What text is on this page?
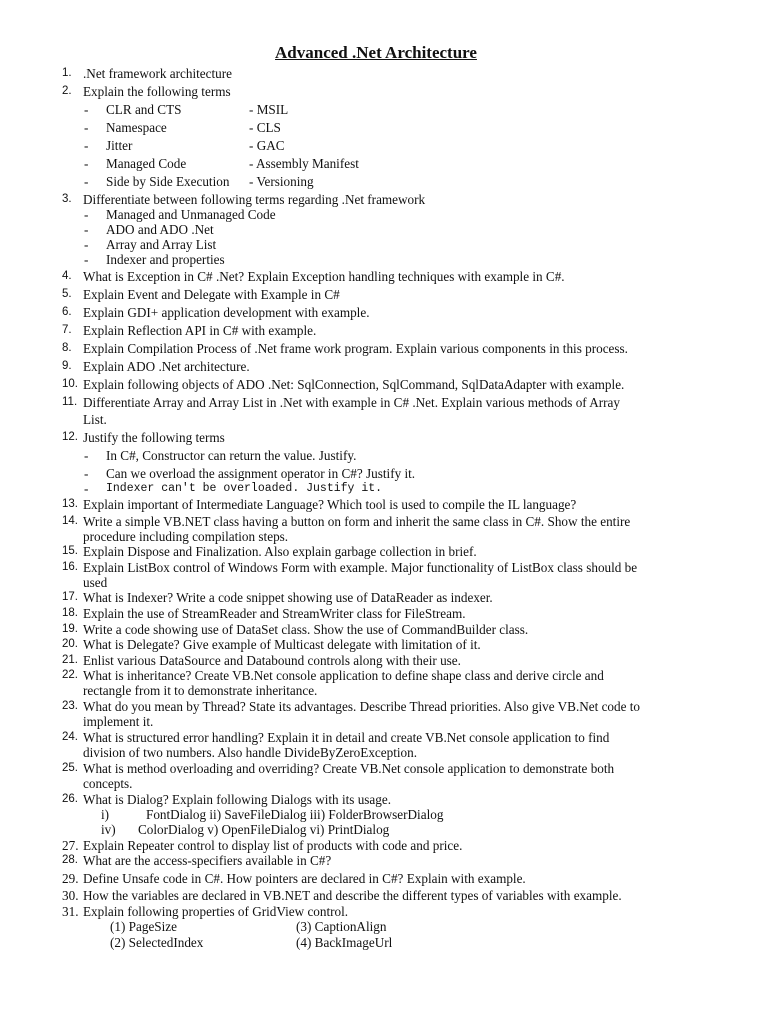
Advanced .Net Architecture
1. .Net framework architecture
2. Explain the following terms
- CLR and CTS	- MSIL
- Namespace	- CLS
- Jitter	- GAC
- Managed Code	- Assembly Manifest
- Side by Side Execution - Versioning
3. Differentiate between following terms regarding .Net framework
- Managed and Unmanaged Code
- ADO and ADO .Net
- Array and Array List
- Indexer and properties
4. What is Exception in C# .Net? Explain Exception handling techniques with example in C#.
5. Explain Event and Delegate with Example in C#
6. Explain GDI+ application development with example.
7. Explain Reflection API in C# with example.
8. Explain Compilation Process of .Net frame work program. Explain various components in this process.
9. Explain ADO .Net architecture.
10. Explain following objects of ADO .Net: SqlConnection, SqlCommand, SqlDataAdapter with example.
11. Differentiate Array and Array List in .Net with example in C# .Net. Explain various methods of Array
List.
12. Justify the following terms
- In C#, Constructor can return the value. Justify.
- Can we overload the assignment operator in C#? Justify it.
- Indexer can't be overloaded. Justify it.
13. Explain important of Intermediate Language? Which tool is used to compile the IL language?
14. Write a simple VB.NET class having a button on form and inherit the same class in C#. Show the entire
procedure including compilation steps.
15. Explain Dispose and Finalization. Also explain garbage collection in brief.
16. Explain ListBox control of Windows Form with example. Major functionality of ListBox class should be
used
17. What is Indexer? Write a code snippet showing use of DataReader as indexer.
18. Explain the use of StreamReader and StreamWriter class for FileStream.
19. Write a code showing use of DataSet class. Show the use of CommandBuilder class.
20. What is Delegate? Give example of Multicast delegate with limitation of it.
21. Enlist various DataSource and Databound controls along with their use.
22. What is inheritance? Create VB.Net console application to define shape class and derive circle and
rectangle from it to demonstrate inheritance.
23. What do you mean by Thread? State its advantages. Describe Thread priorities. Also give VB.Net code to
implement it.
24. What is structured error handling? Explain it in detail and create VB.Net console application to find
division of two numbers. Also handle DivideByZeroException.
25. What is method overloading and overriding? Create VB.Net console application to demonstrate both
concepts.
26. What is Dialog? Explain following Dialogs with its usage.
i)	FontDialog ii) SaveFileDialog iii) FolderBrowserDialog
iv) ColorDialog v) OpenFileDialog vi) PrintDialog
27. Explain Repeater control to display list of products with code and price.
28. What are the access-specifiers available in C#?
29. Define Unsafe code in C#. How pointers are declared in C#? Explain with example.
30. How the variables are declared in VB.NET and describe the different types of variables with example.
31. Explain following properties of GridView control.
(1) PageSize	(3) CaptionAlign
(2) SelectedIndex	(4) BackImageUrl
